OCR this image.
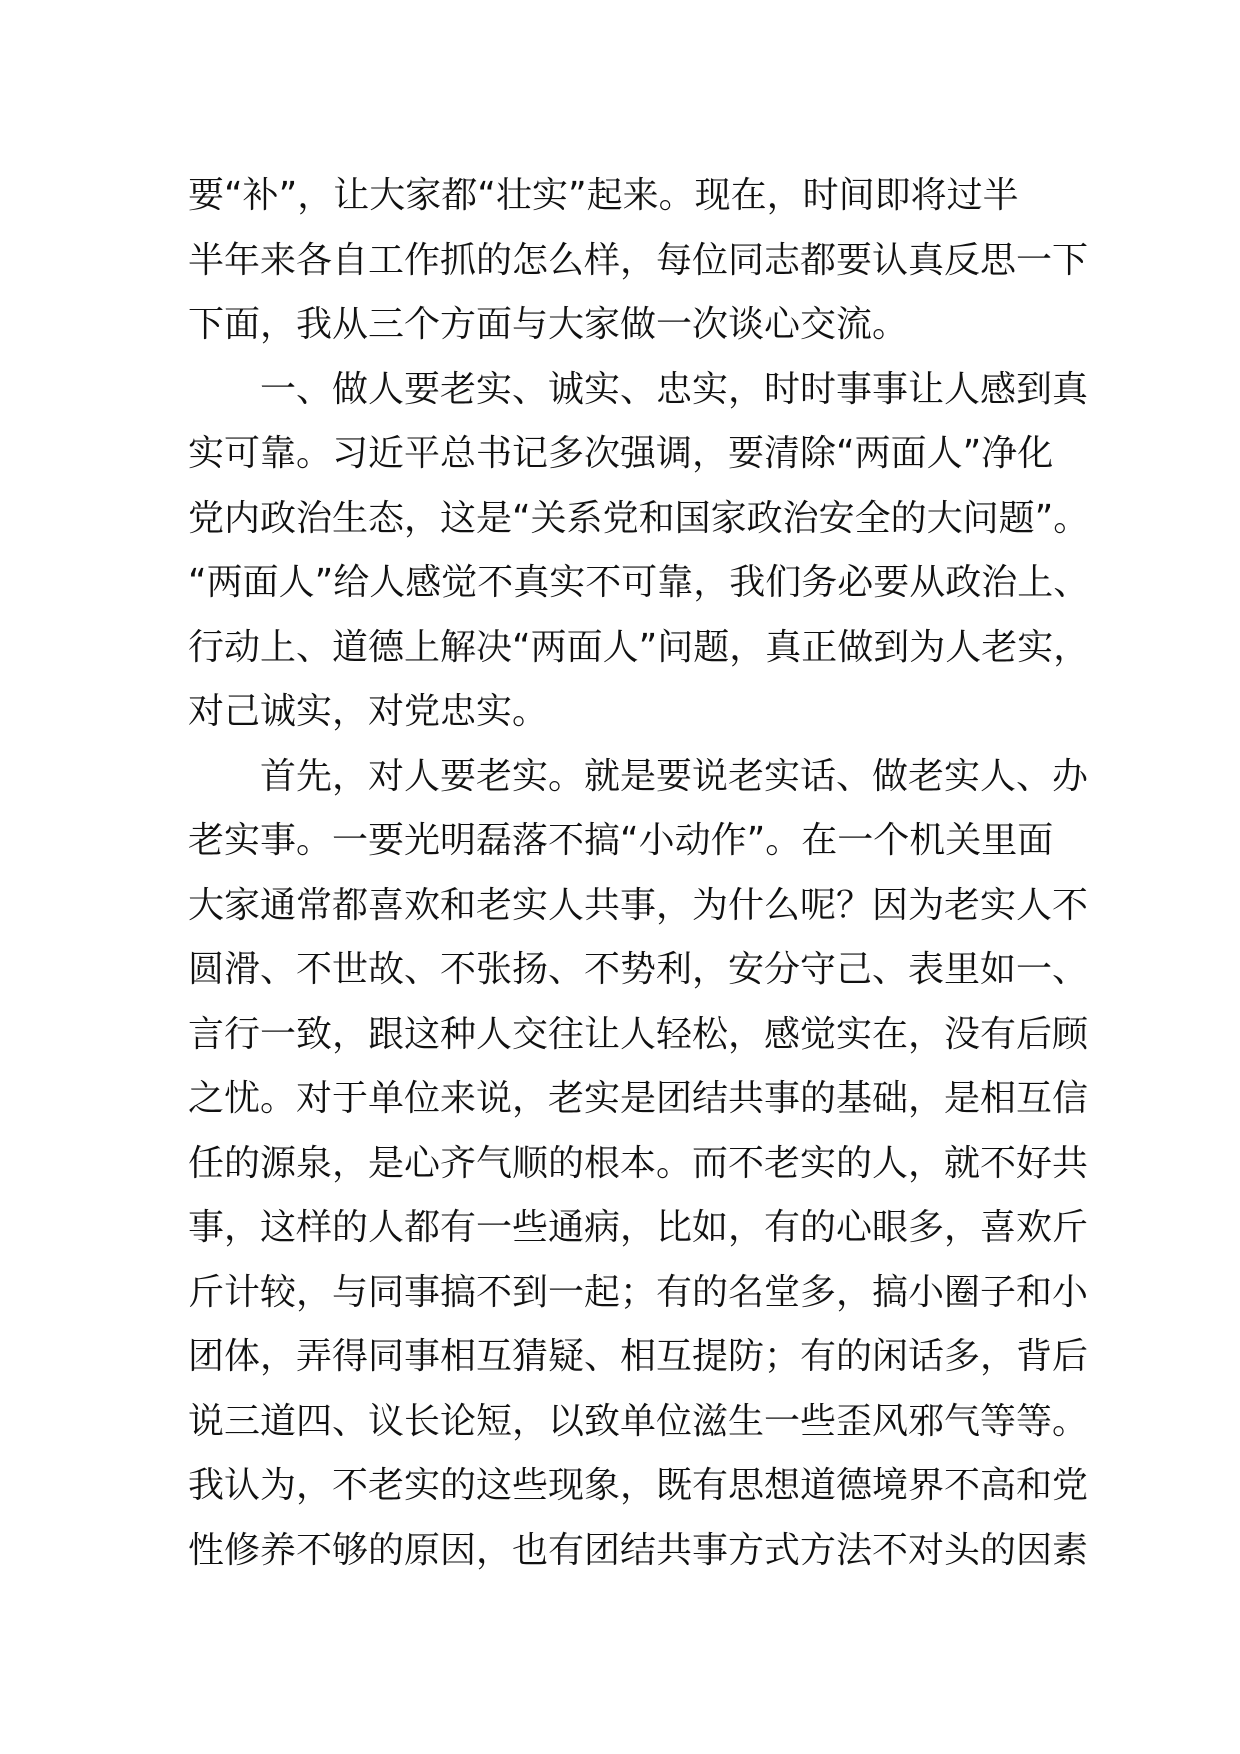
要“补”，让大家都“壮实”起来。现在，时间即将过半
半年来各自工作抓的怎么样，每位同志都要认真反思一下
下面，我从三个方面与大家做一次谈心交流。
一、做人要老实、诚实、忠实，时时事事让人感到真
实可靠。习近平总书记多次强调，要清除“两面人”净化
党内政治生态，这是“关系党和国家政治安全的大问题”。
“两面人”给人感觉不真实不可靠，我们务必要从政治上、
行动上、道德上解决“两面人”问题，真正做到为人老实，
对己诚实，对党忠实。
首先，对人要老实。就是要说老实话、做老实人、办
老实事。一要光明磊落不搞“小动作”。在一个机关里面
大家通常都喜欢和老实人共事，为什么呢？因为老实人不
圆滑、不世故、不张扬、不势利，安分守己、表里如一、
言行一致，跟这种人交往让人轻松，感觉实在，没有后顾
之忧。对于单位来说，老实是团结共事的基础，是相互信
任的源泉，是心齐气顺的根本。而不老实的人，就不好共
事，这样的人都有一些通病，比如，有的心眼多，喜欢斤
斤计较，与同事搞不到一起；有的名堂多，搞小圈子和小
团体，弄得同事相互猜疑、相互提防；有的闲话多，背后
说三道四、议长论短，以致单位滋生一些歪风邪气等等。
我认为，不老实的这些现象，既有思想道德境界不高和党
性修养不够的原因，也有团结共事方式方法不对头的因素
